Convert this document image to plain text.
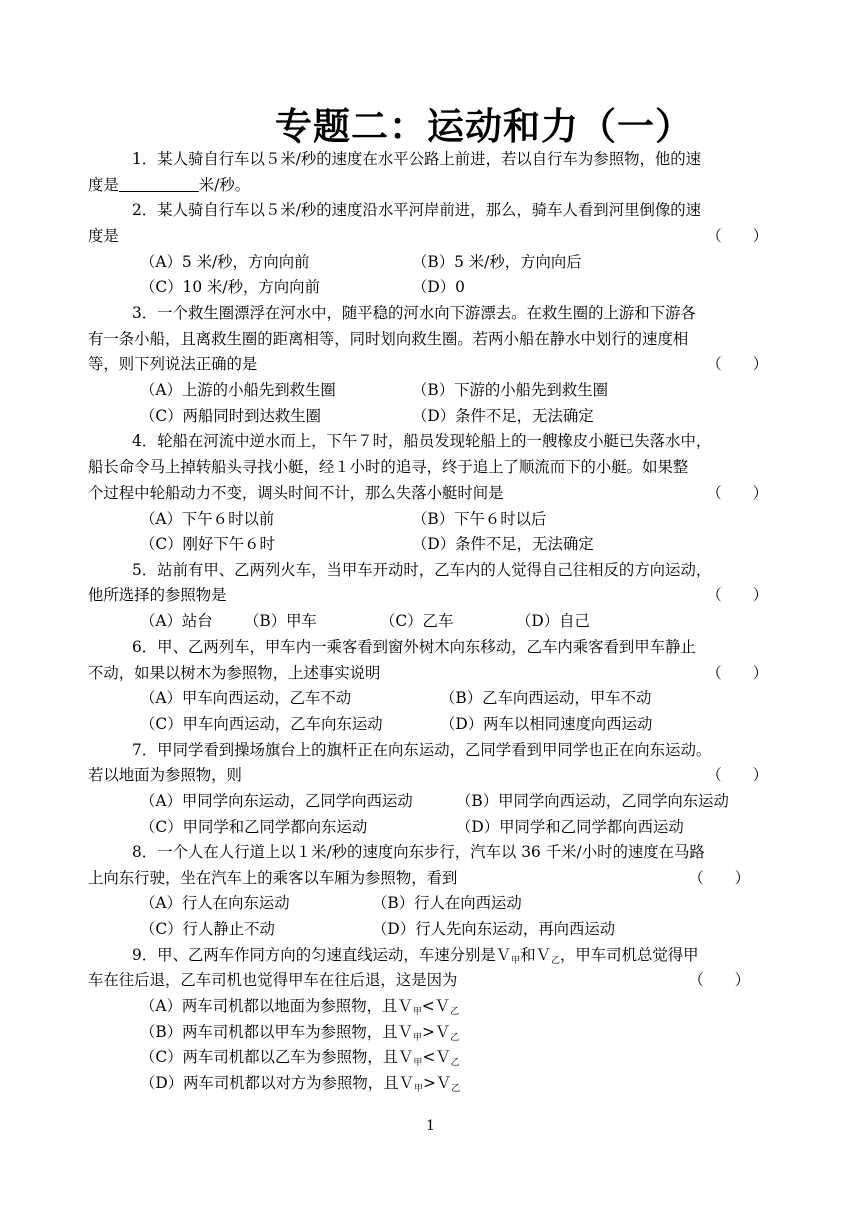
专题二：运动和力（一）
1．某人骑自行车以５米/秒的速度在水平公路上前进，若以自行车为参照物，他的速
度是	米/秒。
2．某人骑自行车以５米/秒的速度沿水平河岸前进，那么，骑车人看到河里倒像的速
度是	（　　）
（A）5 米/秒，方向向前	（B）5 米/秒，方向向后
（C）10 米/秒，方向向前	（D）0
3．一个救生圈漂浮在河水中，随平稳的河水向下游漂去。在救生圈的上游和下游各
有一条小船，且离救生圈的距离相等，同时划向救生圈。若两小船在静水中划行的速度相
等，则下列说法正确的是	（　　）
（A）上游的小船先到救生圈	（B）下游的小船先到救生圈
（C）两船同时到达救生圈	（D）条件不足，无法确定
4．轮船在河流中逆水而上，下午７时，船员发现轮船上的一艘橡皮小艇已失落水中，
船长命令马上掉转船头寻找小艇，经１小时的追寻，终于追上了顺流而下的小艇。如果整
个过程中轮船动力不变，调头时间不计，那么失落小艇时间是	（　　）
（A）下午６时以前	（B）下午６时以后
（C）刚好下午６时	（D）条件不足，无法确定
5．站前有甲、乙两列火车，当甲车开动时，乙车内的人觉得自己往相反的方向运动，
他所选择的参照物是	（　　）
（A）站台 （B）甲车	（C）乙车	（D）自己
6．甲、乙两列车，甲车内一乘客看到窗外树木向东移动，乙车内乘客看到甲车静止
不动，如果以树木为参照物，上述事实说明	（　　）
（A）甲车向西运动，乙车不动	（B）乙车向西运动，甲车不动
（C）甲车向西运动，乙车向东运动	（D）两车以相同速度向西运动
7．甲同学看到操场旗台上的旗杆正在向东运动，乙同学看到甲同学也正在向东运动。
若以地面为参照物，则	（　　）
（A）甲同学向东运动，乙同学向西运动	（B）甲同学向西运动，乙同学向东运动
（C）甲同学和乙同学都向东运动	（D）甲同学和乙同学都向西运动
8．一个人在人行道上以１米/秒的速度向东步行，汽车以 36 千米/小时的速度在马路
上向东行驶，坐在汽车上的乘客以车厢为参照物，看到	（　　）
（A）行人在向东运动	（B）行人在向西运动
（C）行人静止不动	（D）行人先向东运动，再向西运动
9．甲、乙两车作同方向的匀速直线运动，车速分别是Ｖ$_甲$和Ｖ$_乙$，甲车司机总觉得甲
车在往后退，乙车司机也觉得甲车在往后退，这是因为	（　　）
（A）两车司机都以地面为参照物，且Ｖ$_甲$<Ｖ$_乙$
（B）两车司机都以甲车为参照物，且Ｖ$_甲$>Ｖ$_乙$
（C）两车司机都以乙车为参照物，且Ｖ$_甲$<Ｖ$_乙$
（D）两车司机都以对方为参照物，且Ｖ$_甲$>Ｖ$_乙$
1
